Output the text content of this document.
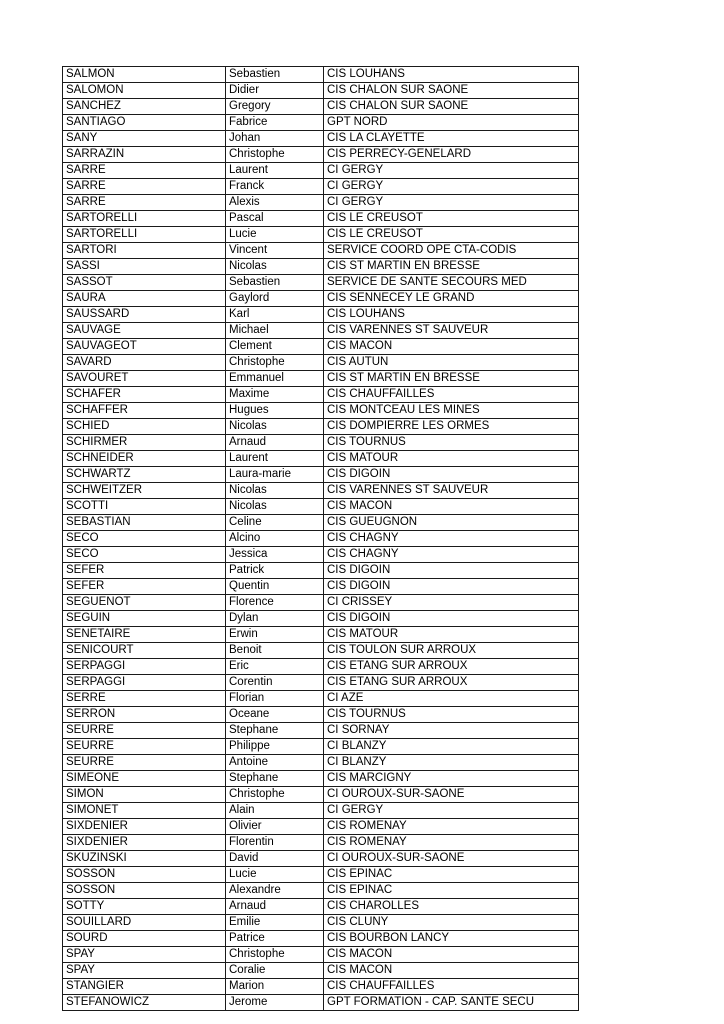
SALMON	Sebastien	CIS LOUHANS
SALOMON	Didier	CIS CHALON SUR SAONE
SANCHEZ	Gregory	CIS CHALON SUR SAONE
SANTIAGO	Fabrice	GPT NORD
SANY	Johan	CIS LA CLAYETTE
SARRAZIN	Christophe	CIS PERRECY-GENELARD
SARRE	Laurent	CI GERGY
SARRE	Franck	CI GERGY
SARRE	Alexis	CI GERGY
SARTORELLI	Pascal	CIS LE CREUSOT
SARTORELLI	Lucie	CIS LE CREUSOT
SARTORI	Vincent	SERVICE COORD OPE CTA-CODIS
SASSI	Nicolas	CIS ST MARTIN EN BRESSE
SASSOT	Sebastien	SERVICE DE SANTE SECOURS MED
SAURA	Gaylord	CIS SENNECEY LE GRAND
SAUSSARD	Karl	CIS LOUHANS
SAUVAGE	Michael	CIS VARENNES ST SAUVEUR
SAUVAGEOT	Clement	CIS MACON
SAVARD	Christophe	CIS AUTUN
SAVOURET	Emmanuel	CIS ST MARTIN EN BRESSE
SCHAFER	Maxime	CIS CHAUFFAILLES
SCHAFFER	Hugues	CIS MONTCEAU LES MINES
SCHIED	Nicolas	CIS DOMPIERRE LES ORMES
SCHIRMER	Arnaud	CIS TOURNUS
SCHNEIDER	Laurent	CIS MATOUR
SCHWARTZ	Laura-marie	CIS DIGOIN
SCHWEITZER	Nicolas	CIS VARENNES ST SAUVEUR
SCOTTI	Nicolas	CIS MACON
SEBASTIAN	Celine	CIS GUEUGNON
SECO	Alcino	CIS CHAGNY
SECO	Jessica	CIS CHAGNY
SEFER	Patrick	CIS DIGOIN
SEFER	Quentin	CIS DIGOIN
SEGUENOT	Florence	CI CRISSEY
SEGUIN	Dylan	CIS DIGOIN
SENETAIRE	Erwin	CIS MATOUR
SENICOURT	Benoit	CIS TOULON SUR ARROUX
SERPAGGI	Eric	CIS ETANG SUR ARROUX
SERPAGGI	Corentin	CIS ETANG SUR ARROUX
SERRE	Florian	CI AZE
SERRON	Oceane	CIS TOURNUS
SEURRE	Stephane	CI SORNAY
SEURRE	Philippe	CI BLANZY
SEURRE	Antoine	CI BLANZY
SIMEONE	Stephane	CIS MARCIGNY
SIMON	Christophe	CI OUROUX-SUR-SAONE
SIMONET	Alain	CI GERGY
SIXDENIER	Olivier	CIS ROMENAY
SIXDENIER	Florentin	CIS ROMENAY
SKUZINSKI	David	CI OUROUX-SUR-SAONE
SOSSON	Lucie	CIS EPINAC
SOSSON	Alexandre	CIS EPINAC
SOTTY	Arnaud	CIS CHAROLLES
SOUILLARD	Emilie	CIS CLUNY
SOURD	Patrice	CIS BOURBON LANCY
SPAY	Christophe	CIS MACON
SPAY	Coralie	CIS MACON
STANGIER	Marion	CIS CHAUFFAILLES
STEFANOWICZ	Jerome	GPT FORMATION - CAP. SANTE SECU
